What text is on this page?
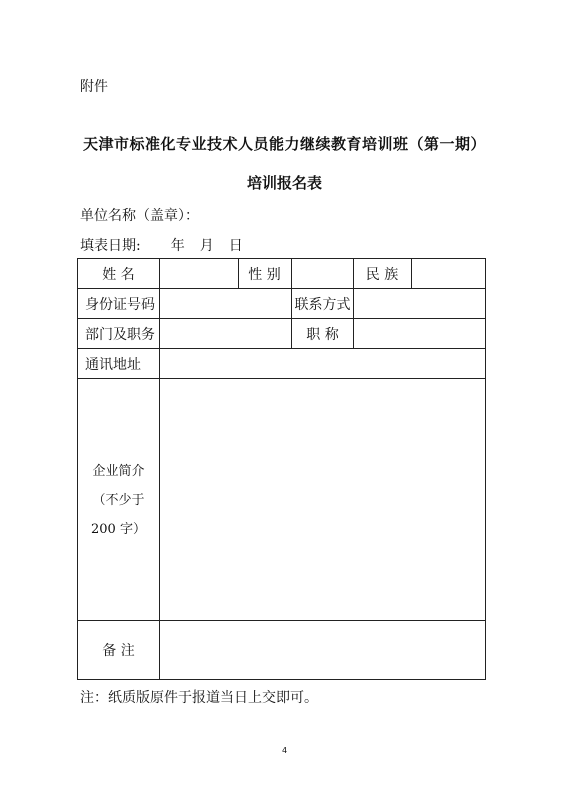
附件
天津市标准化专业技术人员能力继续教育培训班（第一期）
培训报名表
单位名称（盖章）：
填表日期: 年 月 日
姓 名	性 别	民 族
身份证号码	联系方式
部门及职务	职 称
通讯地址
企业简介
（不少于
200 字）
备 注
注：纸质版原件于报道当日上交即可。
4
